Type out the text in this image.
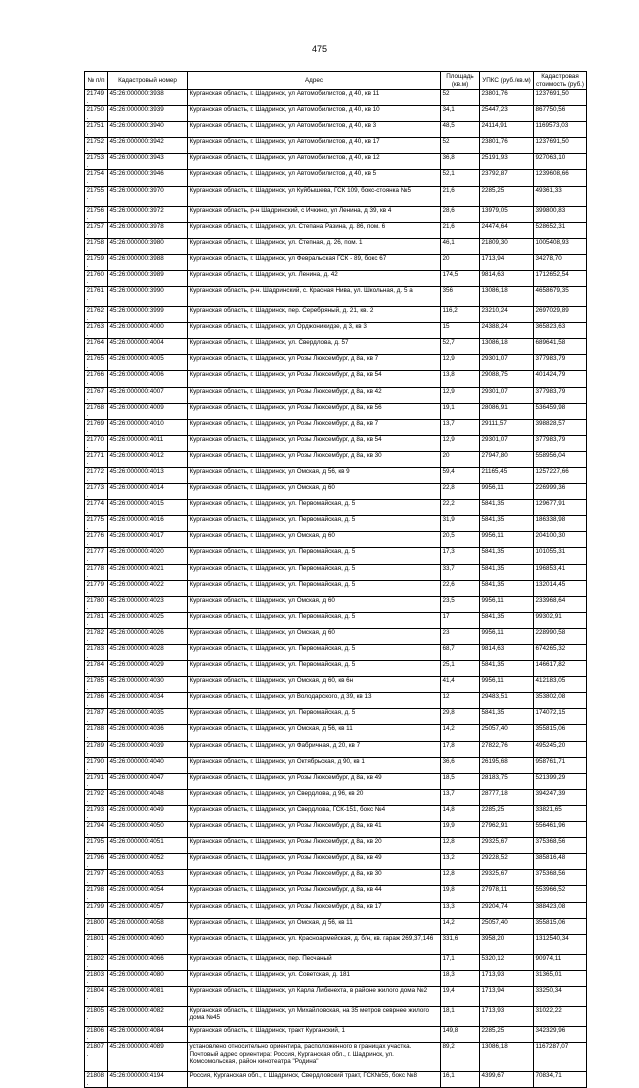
475
№ п/п	Кадастровый номер	Адрес	Площадь (кв.м)	УПКС (руб./кв.м)	Кадастровая стоимость (руб.)
21749.	45:26:000000:3938	Курганская область, г. Шадринск, ул Автомобилистов, д 40, кв 11	52	23801,76	1237691,50
21750.	45:26:000000:3939	Курганская область, г. Шадринск, ул Автомобилистов, д 40, кв 10	34,1	25447,23	867750,56
21751.	45:26:000000:3940	Курганская область, г. Шадринск, ул Автомобилистов, д 40, кв 3	48,5	24114,91	1169573,03
21752.	45:26:000000:3942	Курганская область, г. Шадринск, ул Автомобилистов, д 40, кв 17	52	23801,76	1237691,50
21753.	45:26:000000:3943	Курганская область, г. Шадринск, ул Автомобилистов, д 40, кв 12	36,8	25191,93	927063,10
21754.	45:26:000000:3946	Курганская область, г. Шадринск, ул Автомобилистов, д 40, кв 5	52,1	23792,87	1239608,66
21755.	45:26:000000:3970	Курганская область, г. Шадринск, ул Куйбышева, ГСК 109, бокс-стоянка №5	21,6	2285,25	49361,33
21756.	45:26:000000:3972	Курганская область, р-н Шадринский, с Ичкино, ул Ленина, д 39, кв 4	28,6	13979,05	399800,83
21757.	45:26:000000:3978	Курганская область, г. Шадринск, ул. Степана Разина, д. 86, пом. 6	21,6	24474,64	528652,31
21758.	45:26:000000:3980	Курганская область, г. Шадринск, ул. Степная, д. 26, пом. 1	46,1	21809,30	1005408,93
21759.	45:26:000000:3988	Курганская область, г. Шадринск, ул Февральская ГСК - 89, бокс 67	20	1713,94	34278,70
21760.	45:26:000000:3989	Курганская область, г. Шадринск, ул. Ленина, д. 42	174,5	9814,63	1712652,54
21761.	45:26:000000:3990	Курганская область, р-н. Шадринский, с. Красная Нива, ул. Школьная, д. 5 а	356	13086,18	4658679,35
21762.	45:26:000000:3999	Курганская область, г. Шадринск, пер. Серебряный, д. 21, кв. 2	116,2	23210,24	2697029,89
21763.	45:26:000000:4000	Курганская область, г. Шадринск, ул Орджоникидзе, д 3, кв 3	15	24388,24	365823,63
21764.	45:26:000000:4004	Курганская область, г. Шадринск, ул. Свердлова, д. 57	52,7	13086,18	689641,58
21765.	45:26:000000:4005	Курганская область, г. Шадринск, ул Розы Люксембург, д 8а, кв 7	12,9	29301,07	377983,79
21766.	45:26:000000:4006	Курганская область, г. Шадринск, ул Розы Люксембург, д 8а, кв 54	13,8	29088,75	401424,79
21767.	45:26:000000:4007	Курганская область, г. Шадринск, ул Розы Люксембург, д 8а, кв 42	12,9	29301,07	377983,79
21768.	45:26:000000:4009	Курганская область, г. Шадринск, ул Розы Люксембург, д 8а, кв 56	19,1	28086,91	536459,98
21769.	45:26:000000:4010	Курганская область, г. Шадринск, ул Розы Люксембург, д 8а, кв 7	13,7	29111,57	398828,57
21770.	45:26:000000:4011	Курганская область, г. Шадринск, ул Розы Люксембург, д 8а, кв 54	12,9	29301,07	377983,79
21771.	45:26:000000:4012	Курганская область, г. Шадринск, ул Розы Люксембург, д 8а, кв 30	20	27947,80	558956,04
21772.	45:26:000000:4013	Курганская область, г. Шадринск, ул Омская, д 56, кв 9	59,4	21165,45	1257227,66
21773.	45:26:000000:4014	Курганская область, г. Шадринск, ул Омская, д 60	22,8	9956,11	226999,36
21774.	45:26:000000:4015	Курганская область, г. Шадринск, ул. Первомайская, д. 5	22,2	5841,35	129677,91
21775.	45:26:000000:4016	Курганская область, г. Шадринск, ул. Первомайская, д. 5	31,9	5841,35	186338,98
21776.	45:26:000000:4017	Курганская область, г. Шадринск, ул Омская, д 60	20,5	9956,11	204100,30
21777.	45:26:000000:4020	Курганская область, г. Шадринск, ул. Первомайская, д. 5	17,3	5841,35	101055,31
21778.	45:26:000000:4021	Курганская область, г. Шадринск, ул. Первомайская, д. 5	33,7	5841,35	196853,41
21779.	45:26:000000:4022	Курганская область, г. Шадринск, ул. Первомайская, д. 5	22,6	5841,35	132014,45
21780.	45:26:000000:4023	Курганская область, г. Шадринск, ул Омская, д 60	23,5	9956,11	233968,64
21781.	45:26:000000:4025	Курганская область, г. Шадринск, ул. Первомайская, д. 5	17	5841,35	99302,91
21782.	45:26:000000:4026	Курганская область, г. Шадринск, ул Омская, д 60	23	9956,11	228990,58
21783.	45:26:000000:4028	Курганская область, г. Шадринск, ул. Первомайская, д. 5	68,7	9814,63	674265,32
21784.	45:26:000000:4029	Курганская область, г. Шадринск, ул. Первомайская, д. 5	25,1	5841,35	146617,82
21785.	45:26:000000:4030	Курганская область, г. Шадринск, ул Омская, д 60, кв 6н	41,4	9956,11	412183,05
21786.	45:26:000000:4034	Курганская область, г. Шадринск, ул Володарского, д 39, кв 13	12	29483,51	353802,08
21787.	45:26:000000:4035	Курганская область, г. Шадринск, ул. Первомайская, д. 5	29,8	5841,35	174072,15
21788.	45:26:000000:4036	Курганская область, г. Шадринск, ул Омская, д 56, кв 11	14,2	25057,40	355815,06
21789.	45:26:000000:4039	Курганская область, г. Шадринск, ул Фабричная, д 20, кв 7	17,8	27822,76	495245,20
21790.	45:26:000000:4040	Курганская область, г. Шадринск, ул Октябрьская, д 90, кв 1	36,6	26195,68	958761,71
21791.	45:26:000000:4047	Курганская область, г. Шадринск, ул Розы Люксембург, д 8а, кв 49	18,5	28183,75	521399,29
21792.	45:26:000000:4048	Курганская область, г. Шадринск, ул Свердлова, д 96, кв 20	13,7	28777,18	394247,39
21793.	45:26:000000:4049	Курганская область, г. Шадринск, ул Свердлова, ГСК-151, бокс №4	14,8	2285,25	33821,65
21794.	45:26:000000:4050	Курганская область, г. Шадринск, ул Розы Люксембург, д 8а, кв 41	19,9	27962,91	556461,96
21795.	45:26:000000:4051	Курганская область, г. Шадринск, ул Розы Люксембург, д 8а, кв 20	12,8	29325,67	375368,56
21796.	45:26:000000:4052	Курганская область, г. Шадринск, ул Розы Люксембург, д 8а, кв 49	13,2	29228,52	385816,48
21797.	45:26:000000:4053	Курганская область, г. Шадринск, ул Розы Люксембург, д 8а, кв 30	12,8	29325,67	375368,56
21798.	45:26:000000:4054	Курганская область, г. Шадринск, ул Розы Люксембург, д 8а, кв 44	19,8	27978,11	553966,52
21799.	45:26:000000:4057	Курганская область, г. Шадринск, ул Розы Люксембург, д 8а, кв 17	13,3	29204,74	388423,08
21800.	45:26:000000:4058	Курганская область, г. Шадринск, ул Омская, д 56, кв 11	14,2	25057,40	355815,06
21801.	45:26:000000:4060	Курганская область, г. Шадринск, ул. Красноармейская, д. б/н, кв. гараж 269,37,146	331,6	3958,20	1312540,34
21802.	45:26:000000:4066	Курганская область, г. Шадринск, пер. Песчаный	17,1	5320,12	90974,11
21803.	45:26:000000:4080	Курганская область, г. Шадринск, ул. Советская, д. 181	18,3	1713,93	31365,01
21804.	45:26:000000:4081	Курганская область, г. Шадринск, ул Карла Либкнехта, в районе жилого дома №2	19,4	1713,94	33250,34
21805.	45:26:000000:4082	Курганская область, г. Шадринск, ул Михайловская, на 35 метров севрнее жилого дома №45	18,1	1713,93	31022,22
21806.	45:26:000000:4084	Курганская область, г. Шадринск, тракт Курганский, 1	149,8	2285,25	342329,96
21807.	45:26:000000:4089	установлено относительно ориентира, расположенного в границах участка. Почтовый адрес ориентира: Россия, Курганская обл., г. Шадринск, ул. Комсомольская, район кинотеатра "Родина"	89,2	13086,18	1167287,07
21808.	45:26:000000:4194	Россия, Курганская обл., г. Шадринск, Свердловский тракт, ГСК№55, бокс №8	16,1	4399,67	70834,71
